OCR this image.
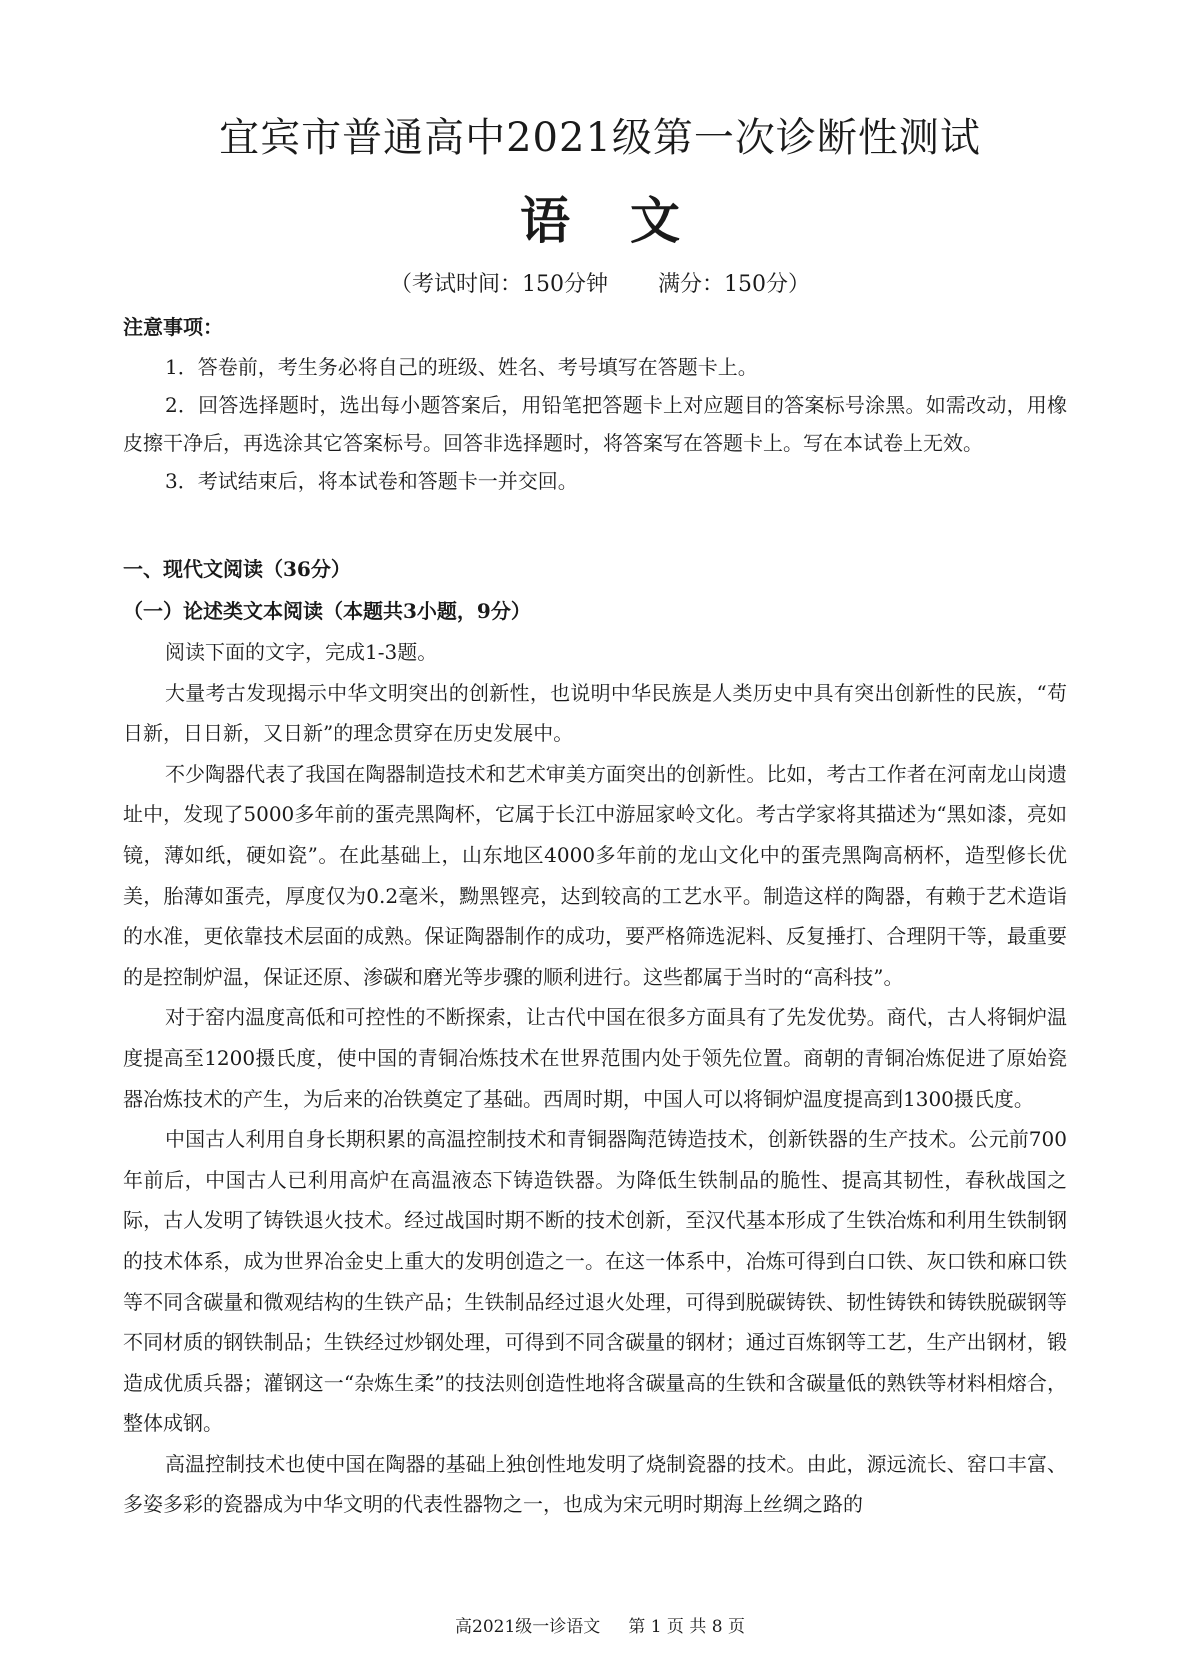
宜宾市普通高中2021级第一次诊断性测试
语文
（考试时间：150分钟 满分：150分）
注意事项：
1．答卷前，考生务必将自己的班级、姓名、考号填写在答题卡上。
2．回答选择题时，选出每小题答案后，用铅笔把答题卡上对应题目的答案标号涂黑。如需改动，用橡皮擦干净后，再选涂其它答案标号。回答非选择题时，将答案写在答题卡上。写在本试卷上无效。
3．考试结束后，将本试卷和答题卡一并交回。
一、现代文阅读（36分）
（一）论述类文本阅读（本题共3小题，9分）

阅读下面的文字，完成1-3题。

大量考古发现揭示中华文明突出的创新性，也说明中华民族是人类历史中具有突出创新性的民族，“苟日新，日日新，又日新”的理念贯穿在历史发展中。

不少陶器代表了我国在陶器制造技术和艺术审美方面突出的创新性。比如，考古工作者在河南龙山岗遗址中，发现了5000多年前的蛋壳黑陶杯，它属于长江中游屈家岭文化。考古学家将其描述为“黑如漆，亮如镜，薄如纸，硬如瓷”。在此基础上，山东地区4000多年前的龙山文化中的蛋壳黑陶高柄杯，造型修长优美，胎薄如蛋壳，厚度仅为0.2毫米，黝黑铿亮，达到较高的工艺水平。制造这样的陶器，有赖于艺术造诣的水准，更依靠技术层面的成熟。保证陶器制作的成功，要严格筛选泥料、反复捶打、合理阴干等，最重要的是控制炉温，保证还原、渗碳和磨光等步骤的顺利进行。这些都属于当时的“高科技”。

对于窑内温度高低和可控性的不断探索，让古代中国在很多方面具有了先发优势。商代，古人将铜炉温度提高至1200摄氏度，使中国的青铜冶炼技术在世界范围内处于领先位置。商朝的青铜冶炼促进了原始瓷器冶炼技术的产生，为后来的冶铁奠定了基础。西周时期，中国人可以将铜炉温度提高到1300摄氏度。

中国古人利用自身长期积累的高温控制技术和青铜器陶范铸造技术，创新铁器的生产技术。公元前700年前后，中国古人已利用高炉在高温液态下铸造铁器。为降低生铁制品的脆性、提高其韧性，春秋战国之际，古人发明了铸铁退火技术。经过战国时期不断的技术创新，至汉代基本形成了生铁冶炼和利用生铁制钢的技术体系，成为世界冶金史上重大的发明创造之一。在这一体系中，冶炼可得到白口铁、灰口铁和麻口铁等不同含碳量和微观结构的生铁产品；生铁制品经过退火处理，可得到脱碳铸铁、韧性铸铁和铸铁脱碳钢等不同材质的钢铁制品；生铁经过炒钢处理，可得到不同含碳量的钢材；通过百炼钢等工艺，生产出钢材，锻造成优质兵器；灌钢这一“杂炼生柔”的技法则创造性地将含碳量高的生铁和含碳量低的熟铁等材料相熔合，整体成钢。

高温控制技术也使中国在陶器的基础上独创性地发明了烧制瓷器的技术。由此，源远流长、窑口丰富、多姿多彩的瓷器成为中华文明的代表性器物之一，也成为宋元明时期海上丝绸之路的

高2021级一诊语文 第 1 页 共 8 页
